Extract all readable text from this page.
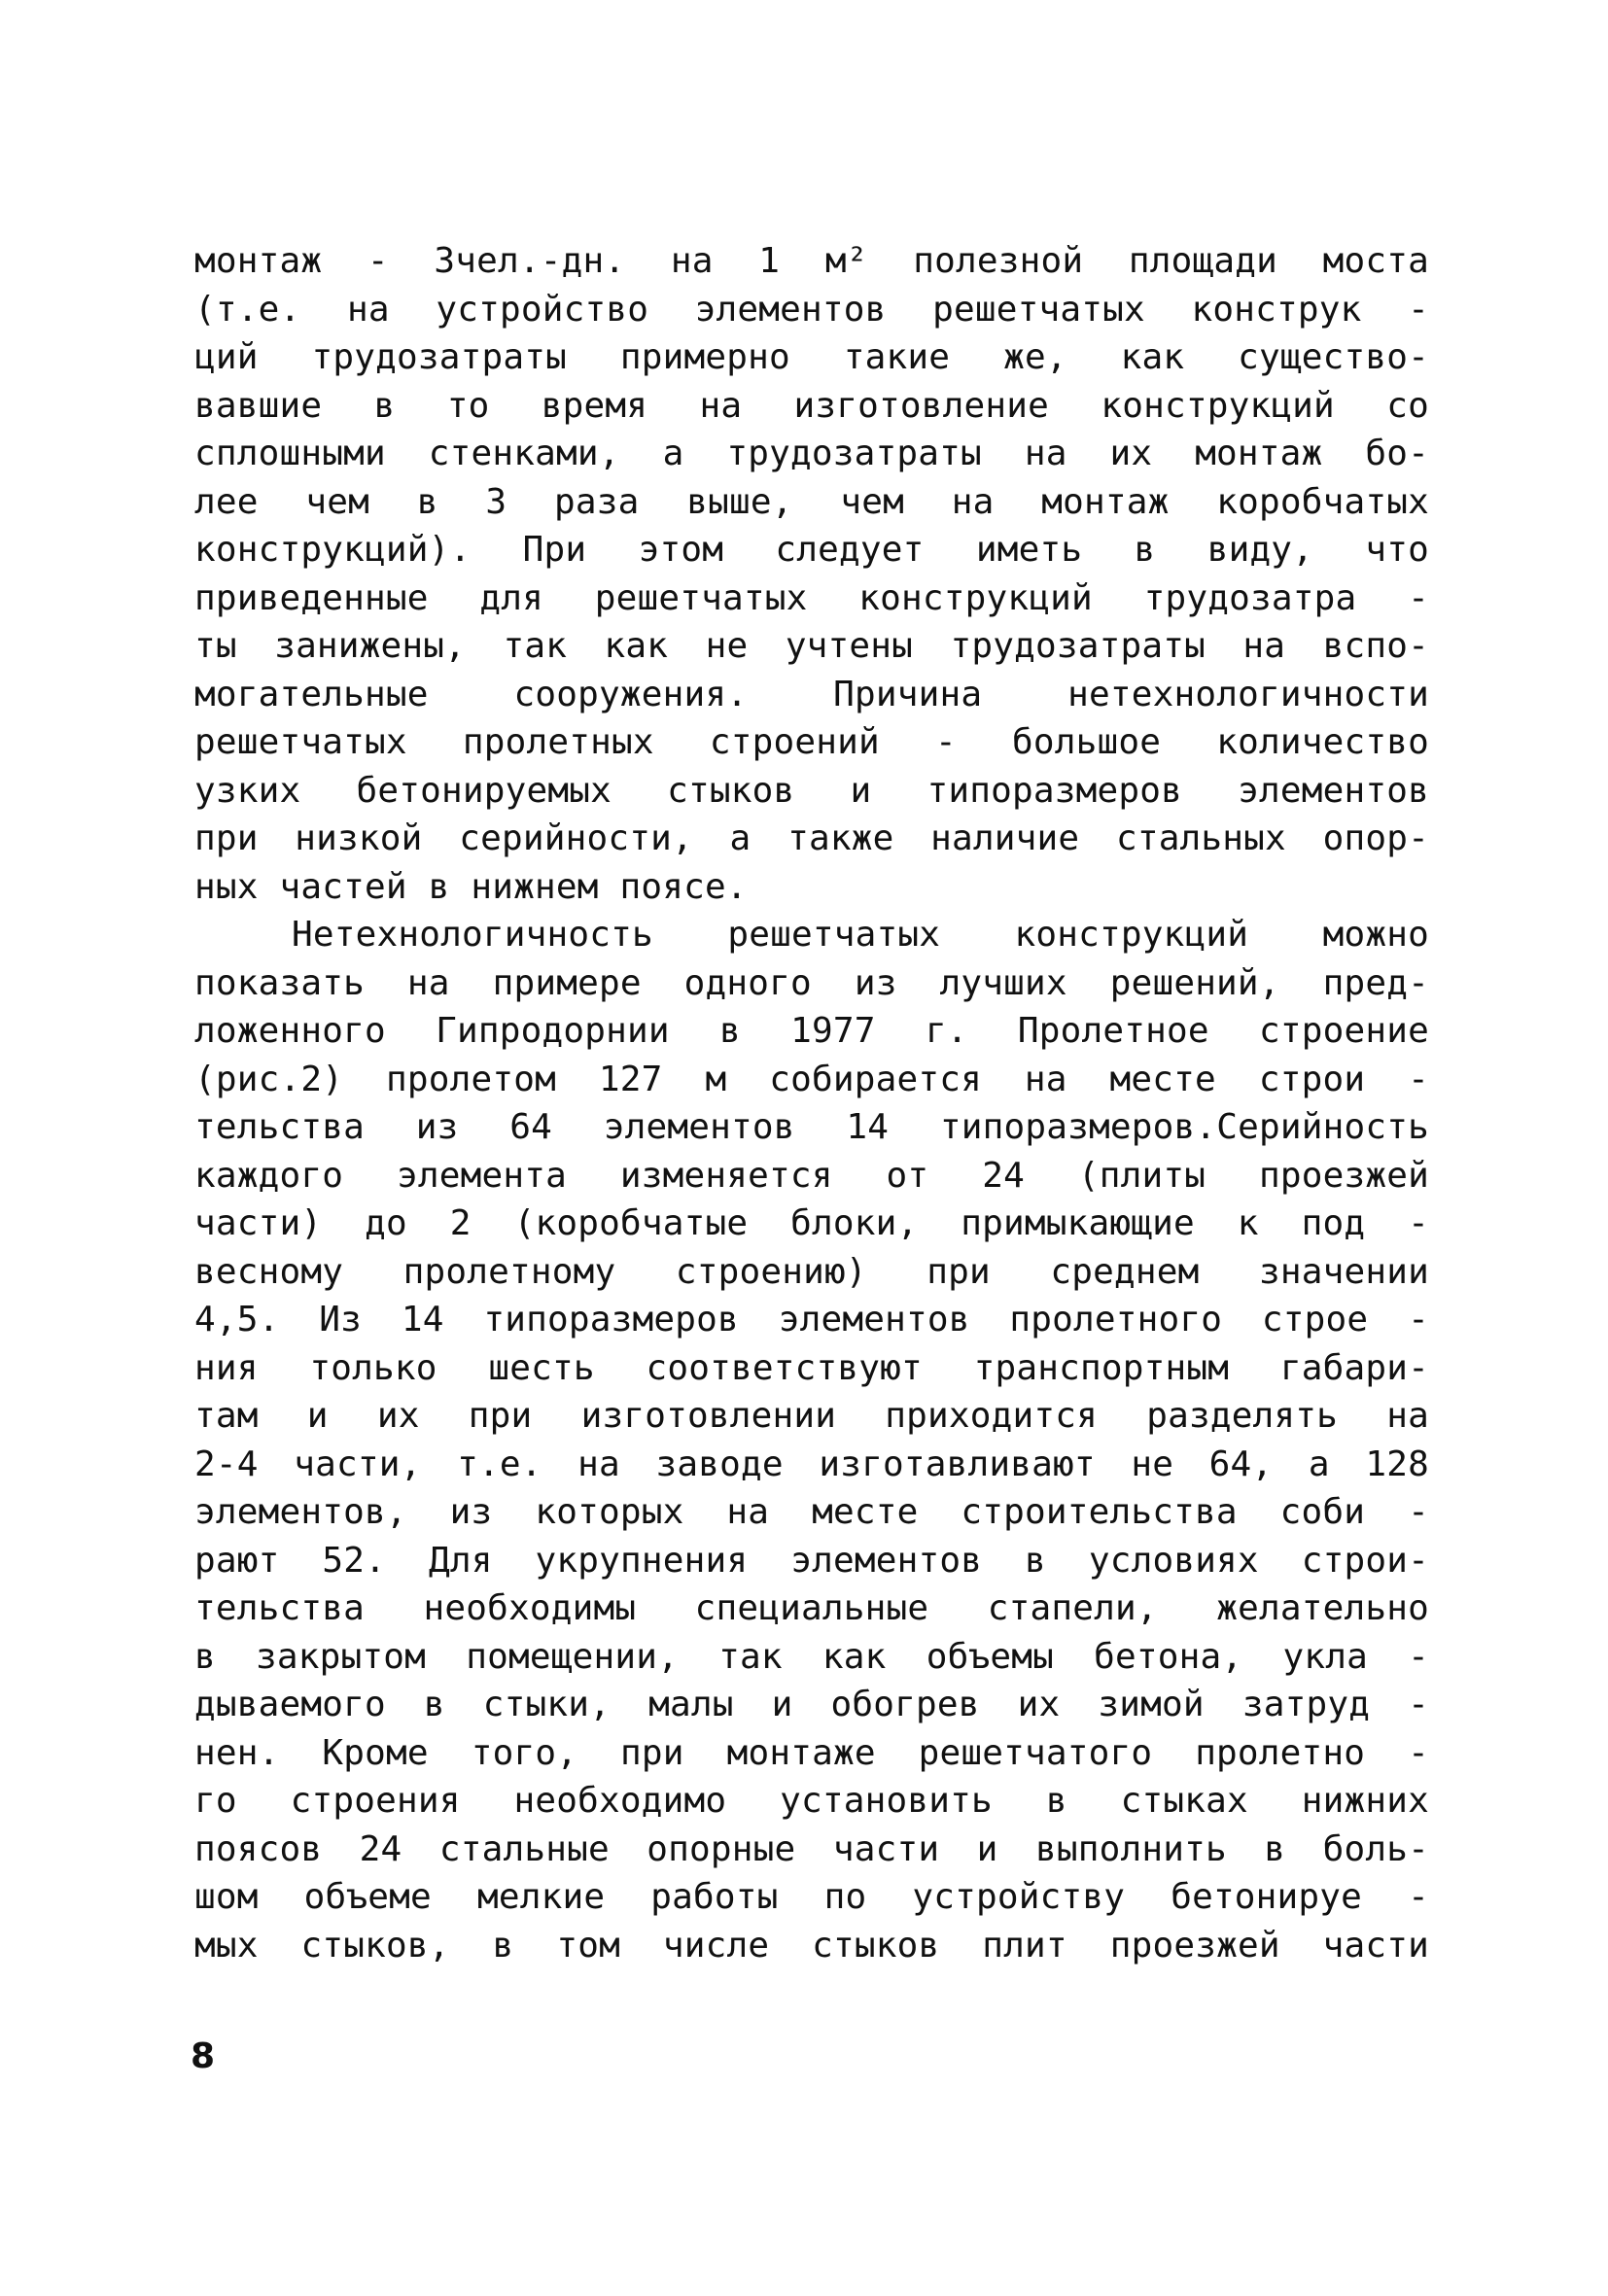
монтаж - 3чел.-дн. на 1 м² полезной площади моста
(т.е. на устройство элементов решетчатых конструк -
ций трудозатраты примерно такие же, как существо-
вавшие в то время на изготовление конструкций со
сплошными стенками, а трудозатраты на их монтаж бо-
лее чем в 3 раза выше, чем на монтаж коробчатых
конструкций). При этом следует иметь в виду, что
приведенные для решетчатых конструкций трудозатра -
ты занижены, так как не учтены трудозатраты на вспо-
могательные сооружения. Причина нетехнологичности
решетчатых пролетных строений - большое количество
узких бетонируемых стыков и типоразмеров элементов
при низкой серийности, а также наличие стальных опор-
ных частей в нижнем поясе.
Нетехнологичность решетчатых конструкций можно
показать на примере одного из лучших решений, пред-
ложенного Гипродорнии в 1977 г. Пролетное строение
(рис.2) пролетом 127 м собирается на месте строи -
тельства из 64 элементов 14 типоразмеров.Серийность
каждого элемента изменяется от 24 (плиты проезжей
части) до 2 (коробчатые блоки, примыкающие к под -
весному пролетному строению) при среднем значении
4,5. Из 14 типоразмеров элементов пролетного строе -
ния только шесть соответствуют транспортным габари-
там и их при изготовлении приходится разделять на
2-4 части, т.е. на заводе изготавливают не 64, а 128
элементов, из которых на месте строительства соби -
рают 52. Для укрупнения элементов в условиях строи-
тельства необходимы специальные стапели, желательно
в закрытом помещении, так как объемы бетона, укла -
дываемого в стыки, малы и обогрев их зимой затруд -
нен. Кроме того, при монтаже решетчатого пролетно -
го строения необходимо установить в стыках нижних
поясов 24 стальные опорные части и выполнить в боль-
шом объеме мелкие работы по устройству бетонируе -
мых стыков, в том числе стыков плит проезжей части
8
